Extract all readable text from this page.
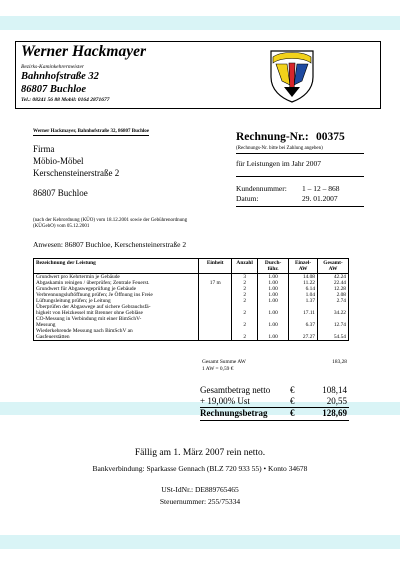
Werner Hackmayer
Bezirks-Kaminkehrermeister
Bahnhofstraße 32
86807 Buchloe
Tel.: 08241 56 88 Mobil: 0164 2871677
Werner Hackmayer, Bahnhofstraße 32, 86807 Buchloe
Firma
Möbio-Möbel
Kerschensteinerstraße 2
86807 Buchloe
(nach der Kehrordnung (KÜO) vom 18.12.2001 sowie der Gebührenordnung
(KÜGebO) vom 05.12.2001
Rechnung-Nr.: 00375
(Rechnungs-Nr. bitte bei Zahlung angeben)
für Leistungen im Jahr 2007
Kundennummer: 1 – 12 – 868
Datum:	29. 01.2007
Anwesen: 86807 Buchloe, Kerschensteinerstraße 2
Bezeichnung der Leistung	Einheit	Anzahl	Durch-führ.	Einzel-AW	Gesamt-AW
Grundwert pro Kehrtermin je Gebäude		3	1.00	14.08	42.24
Abgaskamin reinigen / überprüfen; Zentrale Feuerst.	17 m	2	1.00	11.22	22.44
Grundwert für Abgaswegeprüfung je Gebäude		2	1.00	6.14	12.28
Verbrennungsluftöffnung prüfen; Je Öffnung ins Freie		2	1.00	1.04	2.08
Lüftungsleitung prüfen; je Leitung		2	1.00	1.37	2.74
Überprüfen der Abgaswege auf sichere Gebrauchsfä-					
higkeit von Heizkessel mit Brenner ohne Gebläse		2	1.00	17.11	34.22
CO-Messung in Verbindung mit einer BimSchV-					
Messung		2	1.00	6.37	12.74
Wiederkehrende Messung nach BimSchV an					
Gasfeuerstätten		2	1.00	27.27	54.54
Gesamt Summe AW	183,28
1 AW = 0,59 €
Gesamtbetrag netto €	108,14
+ 19,00% Ust	€	20,55
Rechnungsbetrag €	128,69
Fällig am 1. März 2007 rein netto.
Bankverbindung: Sparkasse Gennach (BLZ 720 933 55) • Konto 34678
USt-IdNr.: DE889765465
Steuernummer: 255/75334
